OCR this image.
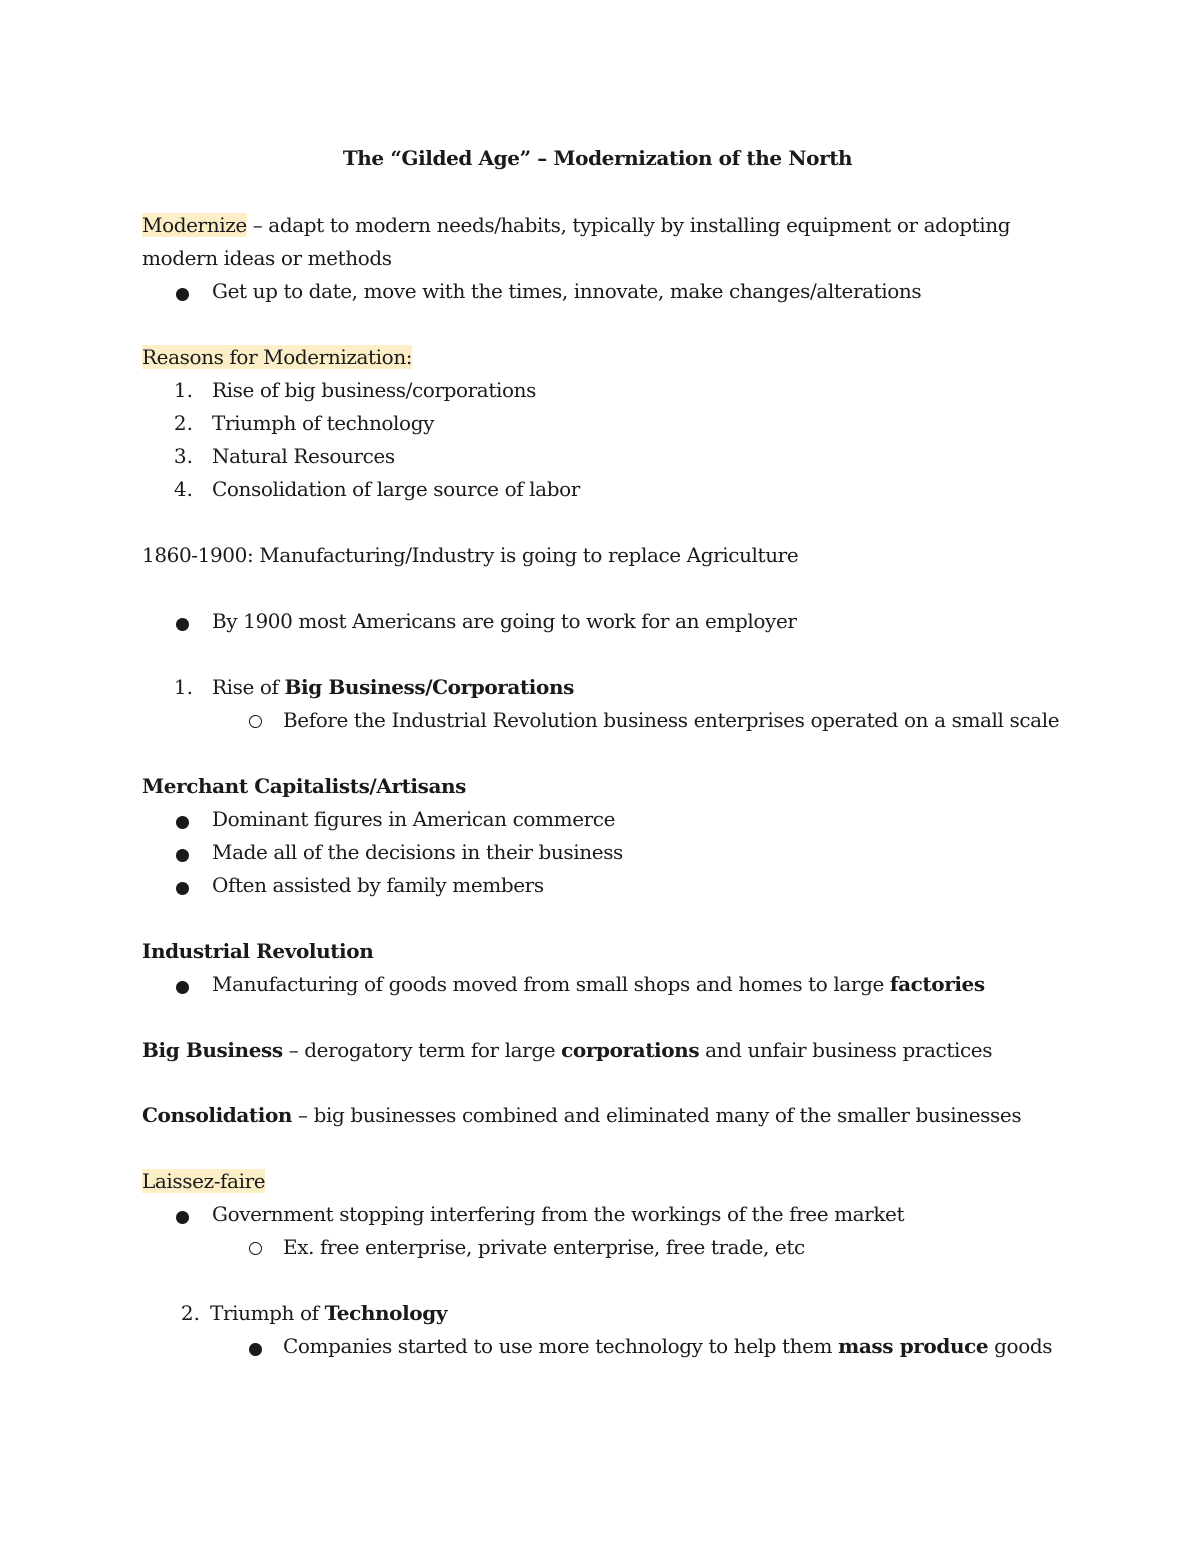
The “Gilded Age” – Modernization of the North
Modernize – adapt to modern needs/habits, typically by installing equipment or adopting
modern ideas or methods
Get up to date, move with the times, innovate, make changes/alterations
Reasons for Modernization:
1. Rise of big business/corporations
2. Triumph of technology
3. Natural Resources
4. Consolidation of large source of labor
1860-1900: Manufacturing/Industry is going to replace Agriculture
By 1900 most Americans are going to work for an employer
1. Rise of Big Business/Corporations
Before the Industrial Revolution business enterprises operated on a small scale
Merchant Capitalists/Artisans
Dominant figures in American commerce
Made all of the decisions in their business
Often assisted by family members
Industrial Revolution
Manufacturing of goods moved from small shops and homes to large factories
Big Business – derogatory term for large corporations and unfair business practices
Consolidation – big businesses combined and eliminated many of the smaller businesses
Laissez-faire
Government stopping interfering from the workings of the free market
Ex. free enterprise, private enterprise, free trade, etc
2. Triumph of Technology
Companies started to use more technology to help them mass produce goods
